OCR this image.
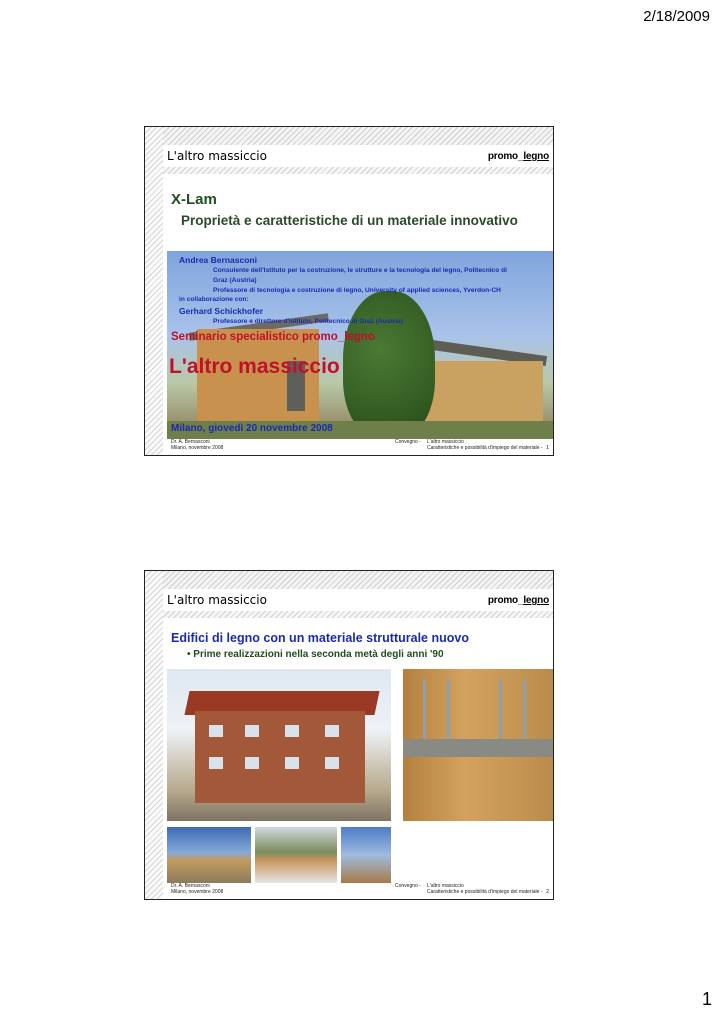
2/18/2009
L'altro massiccio	promo_legno
X-Lam
Proprietà e caratteristiche di un materiale innovativo
Andrea Bernasconi
Consulente dell'Istituto per la costruzione, le strutture e la tecnologia del legno, Politecnico di
Graz (Austria)
Professore di tecnologia e costruzione di legno, University of applied sciences, Yverdon-CH
in collaborazione con:
Gerhard Schickhofer
Professore e direttore d'istituto, Politecnico di Graz (Austria)
Seminario specialistico promo_legno
L'altro massiccio
Milano, giovedì 20 novembre 2008
Dr. A. Bernasconi
Milano, novembre 2008
Convegno - L'altro massiccio
Caratteristiche e possibilità d'impiego del materiale - 1
L'altro massiccio	promo_legno
Edifici di legno con un materiale strutturale nuovo
• Prime realizzazioni nella seconda metà degli anni '90
Dr. A. Bernasconi
Milano, novembre 2008
Convegno - L'altro massiccio
Caratteristiche e possibilità d'impiego del materiale - 2
1
